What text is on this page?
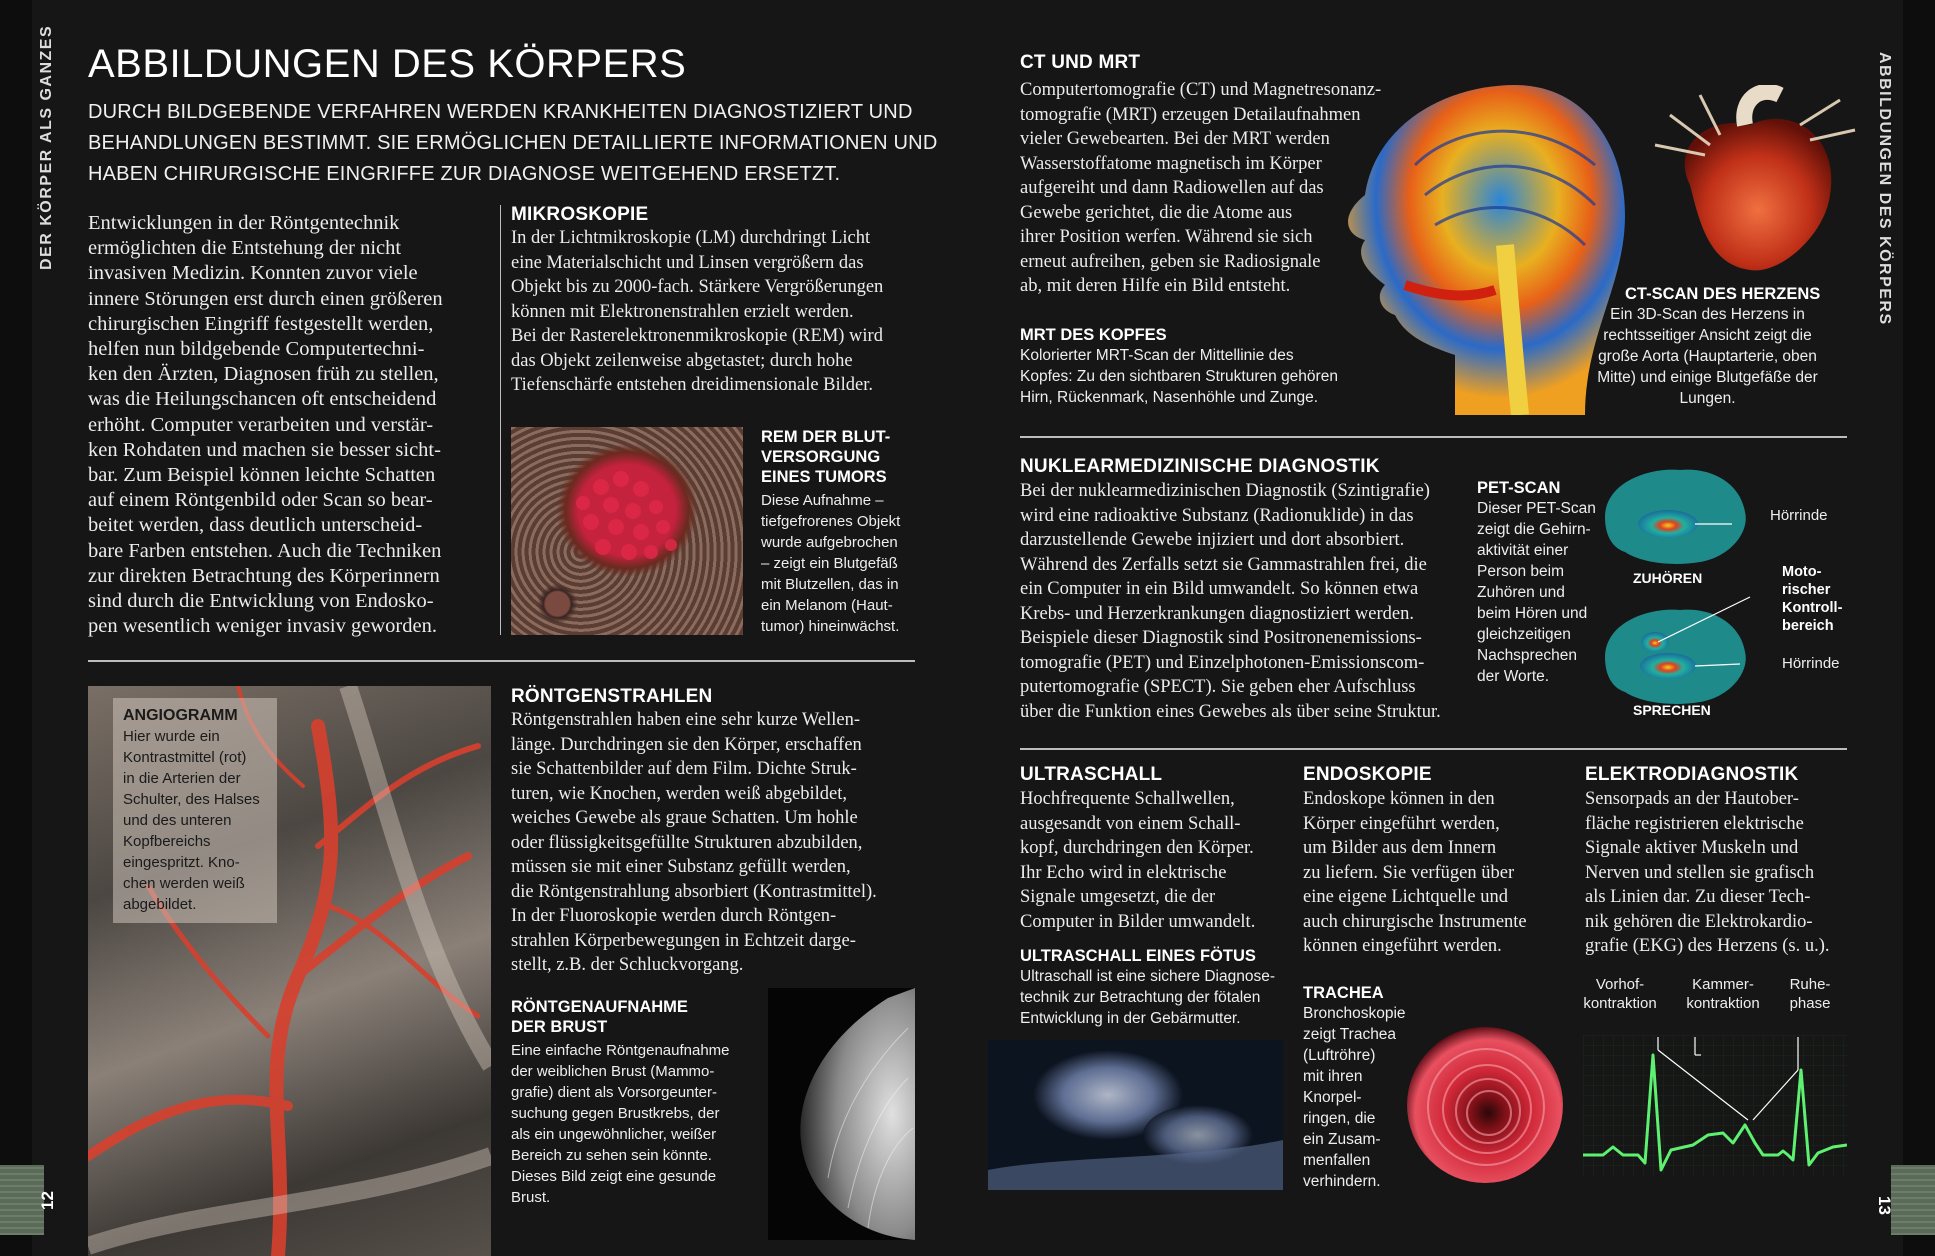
DER KÖRPER ALS GANZES
12
ABBILDUNGEN DES KÖRPERS
13
ABBILDUNGEN DES KÖRPERS
DURCH BILDGEBENDE VERFAHREN WERDEN KRANKHEITEN DIAGNOSTIZIERT UND
BEHANDLUNGEN BESTIMMT. SIE ERMÖGLICHEN DETAILLIERTE INFORMATIONEN UND
HABEN CHIRURGISCHE EINGRIFFE ZUR DIAGNOSE WEITGEHEND ERSETZT.
Entwicklungen in der Röntgentechnik
ermöglichten die Entstehung der nicht
invasiven Medizin. Konnten zuvor viele
innere Störungen erst durch einen größeren
chirurgischen Eingriff festgestellt werden,
helfen nun bildgebende Computertechni-
ken den Ärzten, Diagnosen früh zu stellen,
was die Heilungschancen oft entscheidend
erhöht. Computer verarbeiten und verstär-
ken Rohdaten und machen sie besser sicht-
bar. Zum Beispiel können leichte Schatten
auf einem Röntgenbild oder Scan so bear-
beitet werden, dass deutlich unterscheid-
bare Farben entstehen. Auch die Techniken
zur direkten Betrachtung des Körperinnern
sind durch die Entwicklung von Endosko-
pen wesentlich weniger invasiv geworden.
MIKROSKOPIE
In der Lichtmikroskopie (LM) durchdringt Licht
eine Materialschicht und Linsen vergrößern das
Objekt bis zu 2000-fach. Stärkere Vergrößerungen
können mit Elektronenstrahlen erzielt werden.
Bei der Rasterelektronenmikroskopie (REM) wird
das Objekt zeilenweise abgetastet; durch hohe
Tiefenschärfe entstehen dreidimensionale Bilder.
REM DER BLUT-
VERSORGUNG
EINES TUMORS
Diese Aufnahme –
tiefgefrorenes Objekt
wurde aufgebrochen
– zeigt ein Blutgefäß
mit Blutzellen, das in
ein Melanom (Haut-
tumor) hineinwächst.
ANGIOGRAMM
Hier wurde ein
Kontrastmittel (rot)
in die Arterien der
Schulter, des Halses
und des unteren
Kopfbereichs
eingespritzt. Kno-
chen werden weiß
abgebildet.
RÖNTGENSTRAHLEN
Röntgenstrahlen haben eine sehr kurze Wellen-
länge. Durchdringen sie den Körper, erschaffen
sie Schattenbilder auf dem Film. Dichte Struk-
turen, wie Knochen, werden weiß abgebildet,
weiches Gewebe als graue Schatten. Um hohle
oder flüssigkeitsgefüllte Strukturen abzubilden,
müssen sie mit einer Substanz gefüllt werden,
die Röntgenstrahlung absorbiert (Kontrastmittel).
In der Fluoroskopie werden durch Röntgen-
strahlen Körperbewegungen in Echtzeit darge-
stellt, z.B. der Schluckvorgang.
RÖNTGENAUFNAHME
DER BRUST
Eine einfache Röntgenaufnahme
der weiblichen Brust (Mammo-
grafie) dient als Vorsorgeunter-
suchung gegen Brustkrebs, der
als ein ungewöhnlicher, weißer
Bereich zu sehen sein könnte.
Dieses Bild zeigt eine gesunde
Brust.
CT UND MRT
Computertomografie (CT) und Magnetresonanz-
tomografie (MRT) erzeugen Detailaufnahmen
vieler Gewebearten. Bei der MRT werden
Wasserstoffatome magnetisch im Körper
aufgereiht und dann Radiowellen auf das
Gewebe gerichtet, die die Atome aus
ihrer Position werfen. Während sie sich
erneut aufreihen, geben sie Radiosignale
ab, mit deren Hilfe ein Bild entsteht.
MRT DES KOPFES
Kolorierter MRT-Scan der Mittellinie des
Kopfes: Zu den sichtbaren Strukturen gehören
Hirn, Rückenmark, Nasenhöhle und Zunge.
CT-SCAN DES HERZENS
Ein 3D-Scan des Herzens in
rechtsseitiger Ansicht zeigt die
große Aorta (Hauptarterie, oben
Mitte) und einige Blutgefäße der
Lungen.
NUKLEARMEDIZINISCHE DIAGNOSTIK
Bei der nuklearmedizinischen Diagnostik (Szintigrafie)
wird eine radioaktive Substanz (Radionuklide) in das
darzustellende Gewebe injiziert und dort absorbiert.
Während des Zerfalls setzt sie Gammastrahlen frei, die
ein Computer in ein Bild umwandelt. So können etwa
Krebs- und Herzerkrankungen diagnostiziert werden.
Beispiele dieser Diagnostik sind Positronenemissions-
tomografie (PET) und Einzelphotonen-Emissionscom-
putertomografie (SPECT). Sie geben eher Aufschluss
über die Funktion eines Gewebes als über seine Struktur.
PET-SCAN
Dieser PET-Scan
zeigt die Gehirn-
aktivität einer
Person beim
Zuhören und
beim Hören und
gleichzeitigen
Nachsprechen
der Worte.
Hörrinde
ZUHÖREN	Moto-
rischer
Kontroll-
bereich
Hörrinde
SPRECHEN
ULTRASCHALL
Hochfrequente Schallwellen,
ausgesandt von einem Schall-
kopf, durchdringen den Körper.
Ihr Echo wird in elektrische
Signale umgesetzt, die der
Computer in Bilder umwandelt.
ULTRASCHALL EINES FÖTUS
Ultraschall ist eine sichere Diagnose-
technik zur Betrachtung der fötalen
Entwicklung in der Gebärmutter.
ENDOSKOPIE
Endoskope können in den
Körper eingeführt werden,
um Bilder aus dem Innern
zu liefern. Sie verfügen über
eine eigene Lichtquelle und
auch chirurgische Instrumente
können eingeführt werden.
TRACHEA
Bronchoskopie
zeigt Trachea
(Luftröhre)
mit ihren
Knorpel-
ringen, die
ein Zusam-
menfallen
verhindern.
ELEKTRODIAGNOSTIK
Sensorpads an der Hautober-
fläche registrieren elektrische
Signale aktiver Muskeln und
Nerven und stellen sie grafisch
als Linien dar. Zu dieser Tech-
nik gehören die Elektrokardio-
grafie (EKG) des Herzens (s. u.).
Vorhof-
kontraktion
Kammer-
kontraktion
Ruhe-
phase
